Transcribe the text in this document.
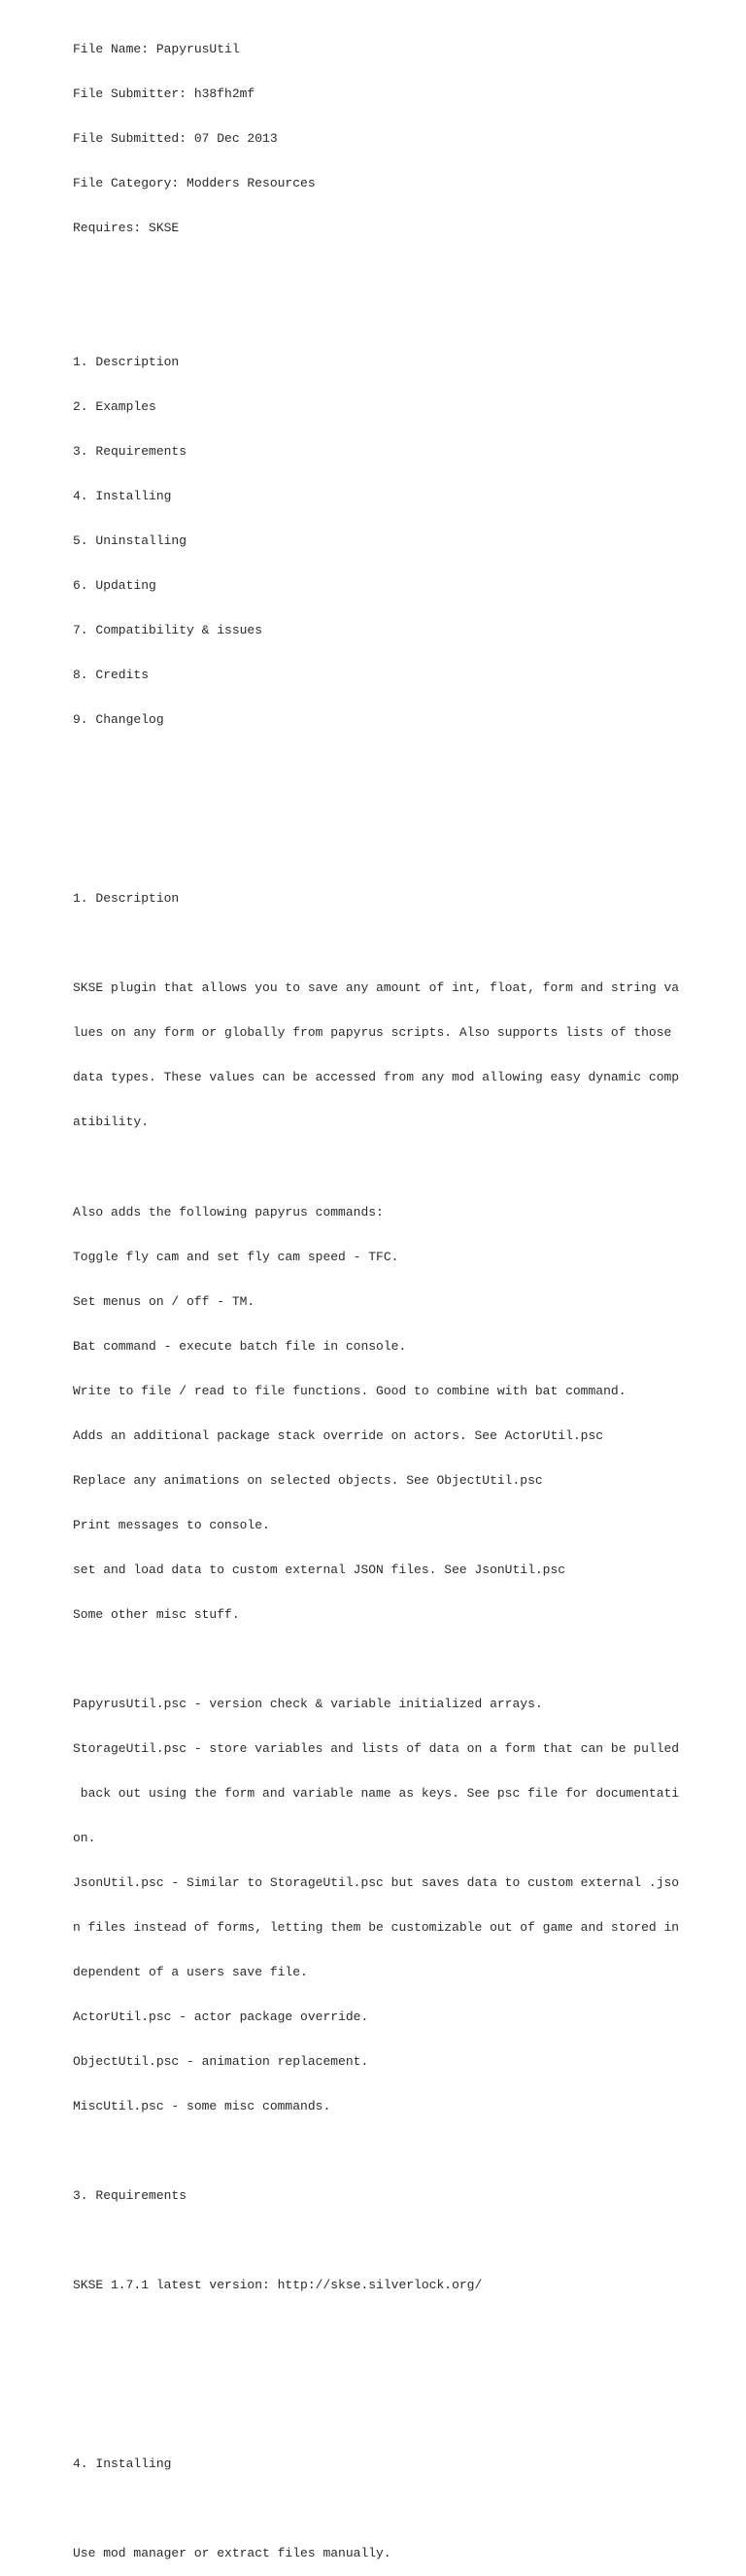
File Name: PapyrusUtil

File Submitter: h38fh2mf

File Submitted: 07 Dec 2013

File Category: Modders Resources

Requires: SKSE

1. Description

2. Examples

3. Requirements

4. Installing

5. Uninstalling

6. Updating

7. Compatibility & issues

8. Credits

9. Changelog

1. Description

SKSE plugin that allows you to save any amount of int, float, form and string va

lues on any form or globally from papyrus scripts. Also supports lists of those

data types. These values can be accessed from any mod allowing easy dynamic comp

atibility.

Also adds the following papyrus commands:

Toggle fly cam and set fly cam speed - TFC.

Set menus on / off - TM.

Bat command - execute batch file in console.

Write to file / read to file functions. Good to combine with bat command.

Adds an additional package stack override on actors. See ActorUtil.psc

Replace any animations on selected objects. See ObjectUtil.psc

Print messages to console.

set and load data to custom external JSON files. See JsonUtil.psc

Some other misc stuff.

PapyrusUtil.psc - version check & variable initialized arrays.

StorageUtil.psc - store variables and lists of data on a form that can be pulled

back out using the form and variable name as keys. See psc file for documentati

on.

JsonUtil.psc - Similar to StorageUtil.psc but saves data to custom external .jso

n files instead of forms, letting them be customizable out of game and stored in

dependent of a users save file.

ActorUtil.psc - actor package override.

ObjectUtil.psc - animation replacement.

MiscUtil.psc - some misc commands.

3. Requirements

SKSE 1.7.1 latest version: http://skse.silverlock.org/

4. Installing

Use mod manager or extract files manually.
